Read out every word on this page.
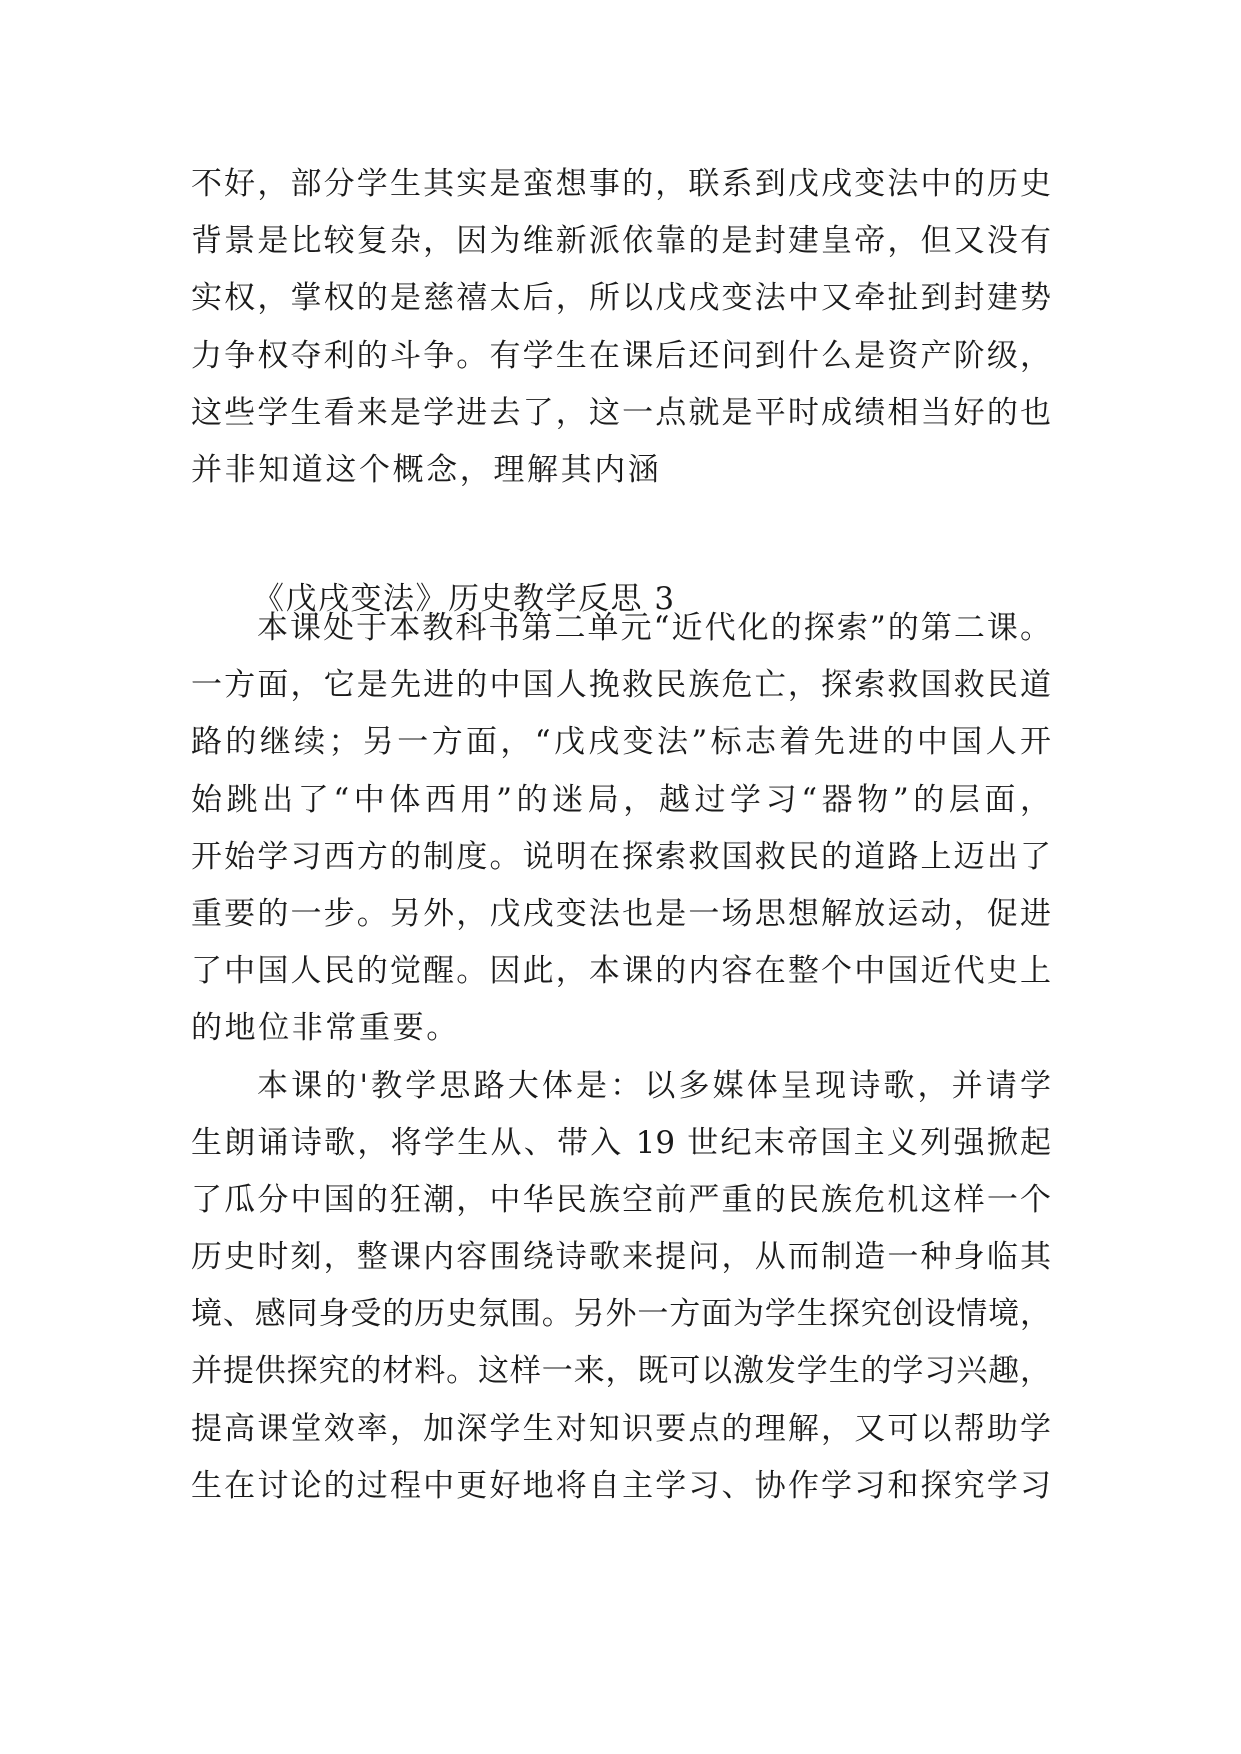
不好，部分学生其实是蛮想事的，联系到戊戌变法中的历史
背景是比较复杂，因为维新派依靠的是封建皇帝，但又没有
实权，掌权的是慈禧太后，所以戊戌变法中又牵扯到封建势
力争权夺利的斗争。有学生在课后还问到什么是资产阶级，
这些学生看来是学进去了，这一点就是平时成绩相当好的也
并非知道这个概念，理解其内涵
《戊戌变法》历史教学反思 3
本课处于本教科书第二单元“近代化的探索”的第二课。
一方面，它是先进的中国人挽救民族危亡，探索救国救民道
路的继续；另一方面，“戊戌变法”标志着先进的中国人开
始跳出了“中体西用”的迷局，越过学习“器物”的层面，
开始学习西方的制度。说明在探索救国救民的道路上迈出了
重要的一步。另外，戊戌变法也是一场思想解放运动，促进
了中国人民的觉醒。因此，本课的内容在整个中国近代史上
的地位非常重要。
本课的'教学思路大体是：以多媒体呈现诗歌，并请学
生朗诵诗歌，将学生从、带入 19 世纪末帝国主义列强掀起
了瓜分中国的狂潮，中华民族空前严重的民族危机这样一个
历史时刻，整课内容围绕诗歌来提问，从而制造一种身临其
境、感同身受的历史氛围。另外一方面为学生探究创设情境，
并提供探究的材料。这样一来，既可以激发学生的学习兴趣，
提高课堂效率，加深学生对知识要点的理解，又可以帮助学
生在讨论的过程中更好地将自主学习、协作学习和探究学习
